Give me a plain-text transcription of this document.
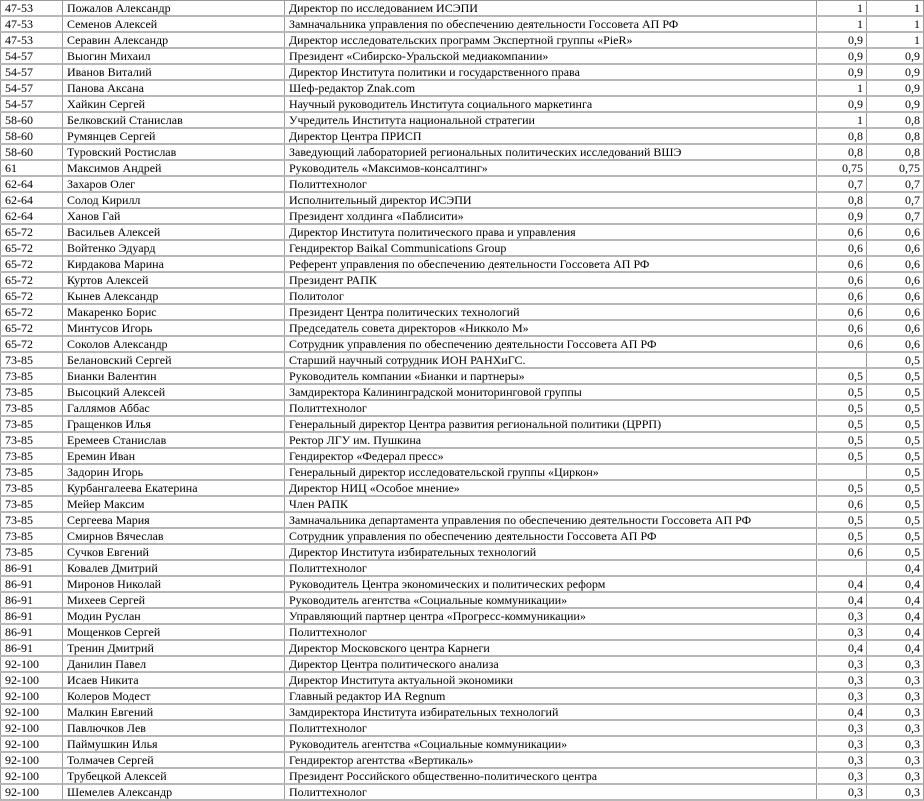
47-53	Пожалов Александр	Директор по исследованием ИСЭПИ	1	1
47-53	Семенов Алексей	Замначальника управления по обеспечению деятельности Госсовета АП РФ	1	1
47-53	Серавин Александр	Директор исследовательских программ Экспертной группы «PieR»	0,9	1
54-57	Выогин Михаил	Президент «Сибирско-Уральской медиакомпании»	0,9	0,9
54-57	Иванов Виталий	Директор Института политики и государственного права	0,9	0,9
54-57	Панова Аксана	Шеф-редактор Znak.com	1	0,9
54-57	Хайкин Сергей	Научный руководитель Института социального маркетинга	0,9	0,9
58-60	Белковский Станислав	Учредитель Института национальной стратегии	1	0,8
58-60	Румянцев Сергей	Директор Центра ПРИСП	0,8	0,8
58-60	Туровский Ростислав	Заведующий лабораторией региональных политических исследований ВШЭ	0,8	0,8
61	Максимов Андрей	Руководитель «Максимов-консалтинг»	0,75	0,75
62-64	Захаров Олег	Политтехнолог	0,7	0,7
62-64	Солод Кирилл	Исполнительный директор ИСЭПИ	0,8	0,7
62-64	Ханов Гай	Президент холдинга «Паблисити»	0,9	0,7
65-72	Васильев Алексей	Директор Института политического права и управления	0,6	0,6
65-72	Войтенко Эдуард	Гендиректор Baikal Communications Group	0,6	0,6
65-72	Кирдакова Марина	Референт управления по обеспечению деятельности Госсовета АП РФ	0,6	0,6
65-72	Куртов Алексей	Президент РАПК	0,6	0,6
65-72	Кынев Александр	Политолог	0,6	0,6
65-72	Макаренко Борис	Президент Центра политических технологий	0,6	0,6
65-72	Минтусов Игорь	Председатель совета директоров «Никколо М»	0,6	0,6
65-72	Соколов Александр	Сотрудник управления по обеспечению деятельности Госсовета АП РФ	0,6	0,6
73-85	Белановский Сергей	Старший научный сотрудник ИОН РАНХиГС.		0,5
73-85	Бианки Валентин	Руководитель компании «Бианки и партнеры»	0,5	0,5
73-85	Высоцкий Алексей	Замдиректора Калининградской мониторинговой группы	0,5	0,5
73-85	Галлямов Аббас	Политтехнолог	0,5	0,5
73-85	Гращенков Илья	Генеральный директор Центра развития региональной политики (ЦРРП)	0,5	0,5
73-85	Еремеев Станислав	Ректор ЛГУ им. Пушкина	0,5	0,5
73-85	Еремин Иван	Гендиректор «Федерал пресс»	0,5	0,5
73-85	Задорин Игорь	Генеральный директор исследовательской группы «Циркон»		0,5
73-85	Курбангалеева Екатерина	Директор НИЦ «Особое мнение»	0,5	0,5
73-85	Мейер Максим	Член РАПК	0,6	0,5
73-85	Сергеева Мария	Замначальника департамента управления по обеспечению деятельности Госсовета АП РФ	0,5	0,5
73-85	Смирнов Вячеслав	Сотрудник управления по обеспечению деятельности Госсовета АП РФ	0,5	0,5
73-85	Сучков Евгений	Директор Института избирательных технологий	0,6	0,5
86-91	Ковалев Дмитрий	Политтехнолог		0,4
86-91	Миронов Николай	Руководитель Центра экономических и политических реформ	0,4	0,4
86-91	Михеев Сергей	Руководитель агентства «Социальные коммуникации»	0,4	0,4
86-91	Модин Руслан	Управляющий партнер центра «Прогресс-коммуникации»	0,3	0,4
86-91	Мощенков Сергей	Политтехнолог	0,3	0,4
86-91	Тренин Дмитрий	Директор Московского центра Карнеги	0,4	0,4
92-100	Данилин Павел	Директор Центра политического анализа	0,3	0,3
92-100	Исаев Никита	Директор Института актуальной экономики	0,3	0,3
92-100	Колеров Модест	Главный редактор ИА Regnum	0,3	0,3
92-100	Малкин Евгений	Замдиректора Института избирательных технологий	0,4	0,3
92-100	Павлючков Лев	Политтехнолог	0,3	0,3
92-100	Паймушкин Илья	Руководитель агентства «Социальные коммуникации»	0,3	0,3
92-100	Толмачев Сергей	Гендиректор агентства «Вертикаль»	0,3	0,3
92-100	Трубецкой Алексей	Президент Российского общественно-политического центра	0,3	0,3
92-100	Шемелев Александр	Политтехнолог	0,3	0,3
